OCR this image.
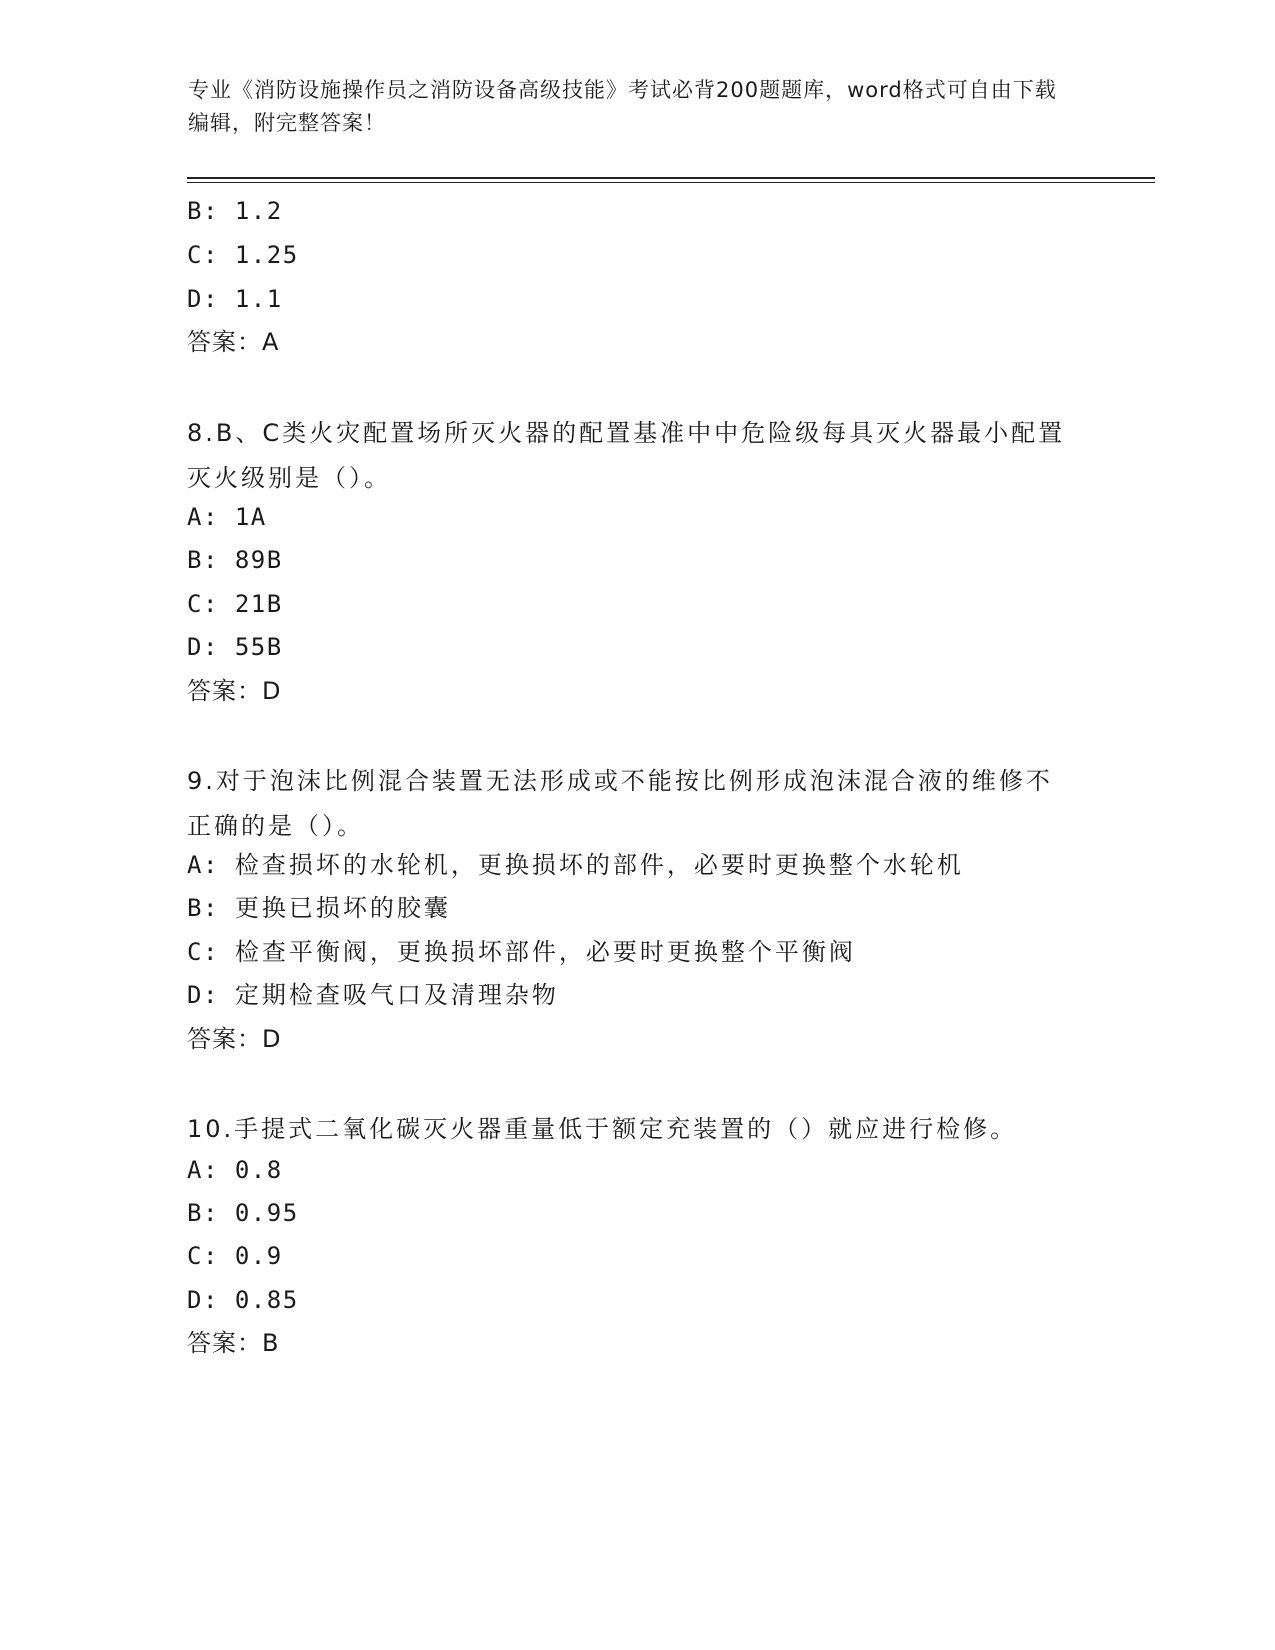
专业《消防设施操作员之消防设备高级技能》考试必背200题题库，word格式可自由下载编辑，附完整答案！
B: 1.2
C: 1.25
D: 1.1
答案：A
8.B、C类火灾配置场所灭火器的配置基准中中危险级每具灭火器最小配置灭火级别是（）。
A: 1A
B: 89B
C: 21B
D: 55B
答案：D
9.对于泡沫比例混合装置无法形成或不能按比例形成泡沫混合液的维修不正确的是（）。
A: 检查损坏的水轮机，更换损坏的部件，必要时更换整个水轮机
B: 更换已损坏的胶囊
C: 检查平衡阀，更换损坏部件，必要时更换整个平衡阀
D: 定期检查吸气口及清理杂物
答案：D
10.手提式二氧化碳灭火器重量低于额定充装置的（）就应进行检修。
A: 0.8
B: 0.95
C: 0.9
D: 0.85
答案：B
